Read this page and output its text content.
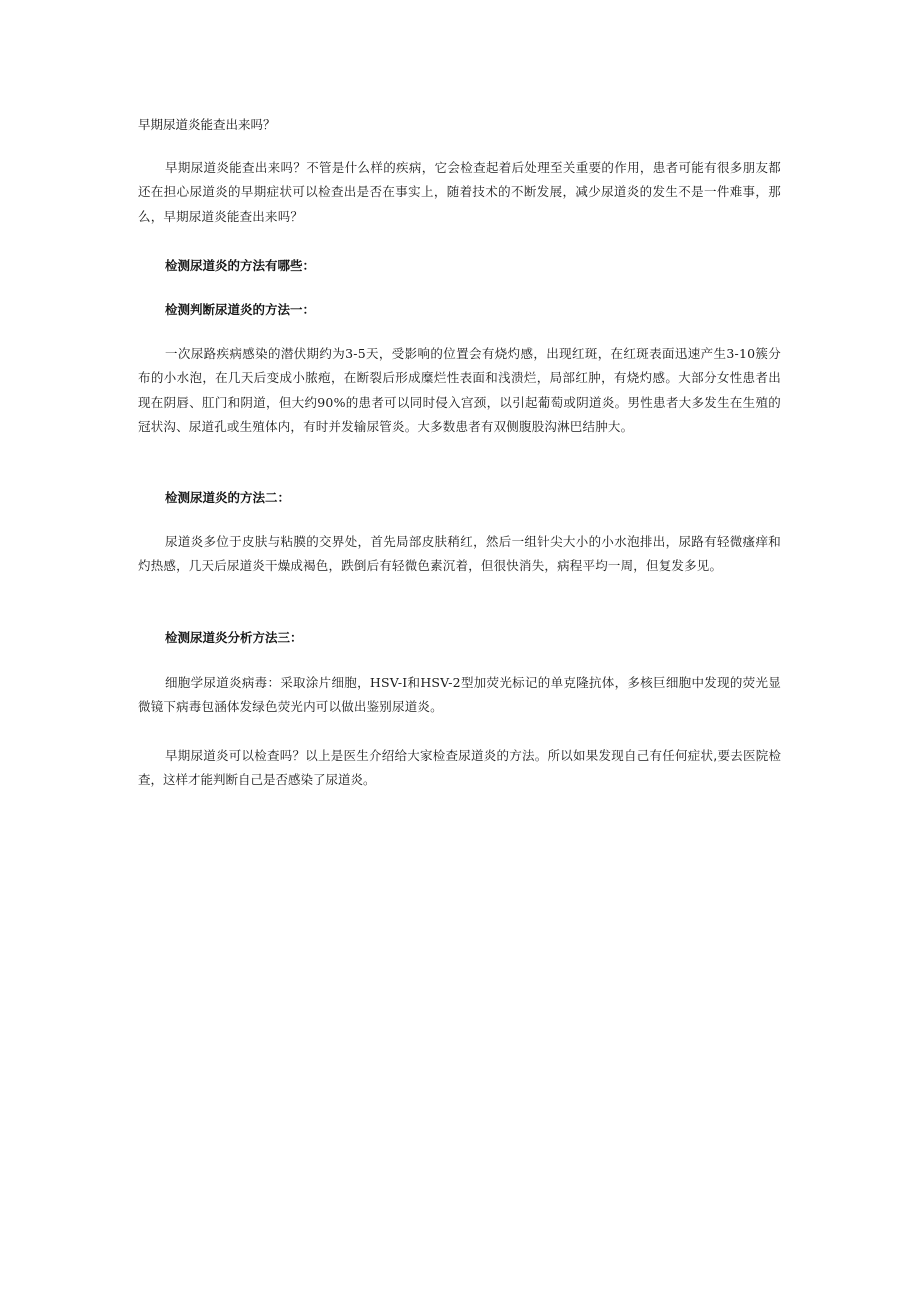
早期尿道炎能查出来吗？

早期尿道炎能查出来吗？不管是什么样的疾病，它会检查起着后处理至关重要的作用，患者可能有很多朋友都还在担心尿道炎的早期症状可以检查出是否在事实上，随着技术的不断发展，减少尿道炎的发生不是一件难事，那么，早期尿道炎能查出来吗？

检测尿道炎的方法有哪些：
检测判断尿道炎的方法一：

一次尿路疾病感染的潜伏期约为3-5天，受影响的位置会有烧灼感，出现红斑，在红斑表面迅速产生3-10簇分布的小水泡，在几天后变成小脓疱，在断裂后形成糜烂性表面和浅溃烂，局部红肿，有烧灼感。大部分女性患者出现在阴唇、肛门和阴道，但大约90%的患者可以同时侵入宫颈，以引起葡萄或阴道炎。男性患者大多发生在生殖的冠状沟、尿道孔或生殖体内，有时并发输尿管炎。大多数患者有双侧腹股沟淋巴结肿大。

检测尿道炎的方法二：

尿道炎多位于皮肤与粘膜的交界处，首先局部皮肤稍红，然后一组针尖大小的小水泡排出，尿路有轻微瘙痒和灼热感，几天后尿道炎干燥成褐色，跌倒后有轻微色素沉着，但很快消失，病程平均一周，但复发多见。

检测尿道炎分析方法三：

细胞学尿道炎病毒：采取涂片细胞，HSV-I和HSV-2型加荧光标记的单克隆抗体，多核巨细胞中发现的荧光显微镜下病毒包涵体发绿色荧光内可以做出鉴别尿道炎。

早期尿道炎可以检查吗？以上是医生介绍给大家检查尿道炎的方法。所以如果发现自己有任何症状,要去医院检查，这样才能判断自己是否感染了尿道炎。
